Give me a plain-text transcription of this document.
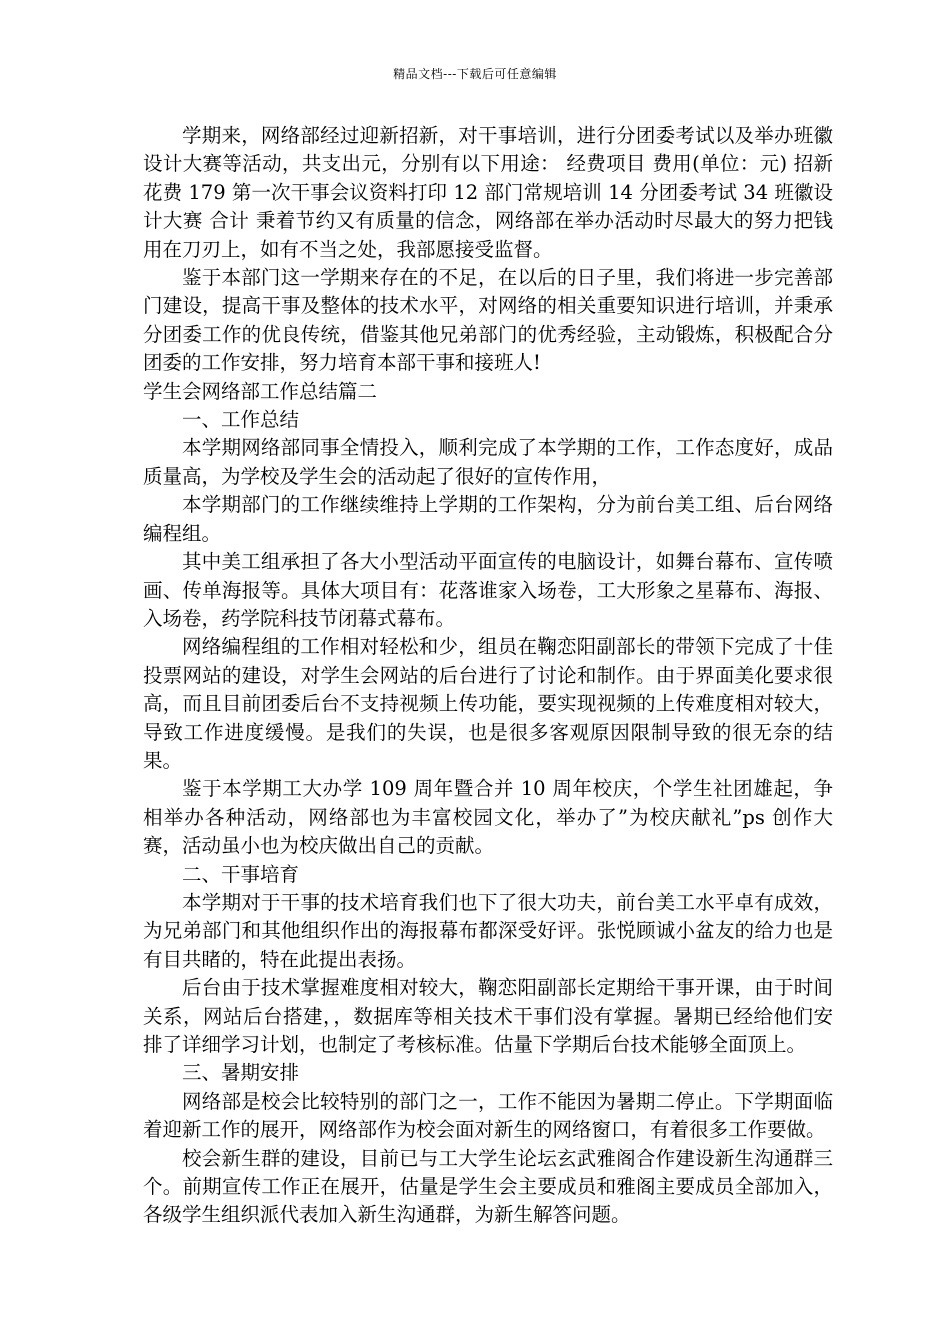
精品文档---下载后可任意编辑

学期来，网络部经过迎新招新，对干事培训，进行分团委考试以及举办班徽设计大赛等活动，共支出元，分别有以下用途： 经费项目 费用(单位：元) 招新花费 179 第一次干事会议资料打印 12 部门常规培训 14 分团委考试 34 班徽设计大赛 合计 秉着节约又有质量的信念，网络部在举办活动时尽最大的努力把钱用在刀刃上，如有不当之处，我部愿接受监督。

鉴于本部门这一学期来存在的不足，在以后的日子里，我们将进一步完善部门建设，提高干事及整体的技术水平，对网络的相关重要知识进行培训，并秉承分团委工作的优良传统，借鉴其他兄弟部门的优秀经验，主动锻炼，积极配合分团委的工作安排，努力培育本部干事和接班人!

学生会网络部工作总结篇二

一、工作总结

本学期网络部同事全情投入，顺利完成了本学期的工作，工作态度好，成品质量高，为学校及学生会的活动起了很好的宣传作用，

本学期部门的工作继续维持上学期的工作架构，分为前台美工组、后台网络编程组。

其中美工组承担了各大小型活动平面宣传的电脑设计，如舞台幕布、宣传喷画、传单海报等。具体大项目有：花落谁家入场卷，工大形象之星幕布、海报、入场卷，药学院科技节闭幕式幕布。

网络编程组的工作相对轻松和少，组员在鞠恋阳副部长的带领下完成了十佳投票网站的建设，对学生会网站的后台进行了讨论和制作。由于界面美化要求很高，而且目前团委后台不支持视频上传功能，要实现视频的上传难度相对较大，导致工作进度缓慢。是我们的失误，也是很多客观原因限制导致的很无奈的结果。

鉴于本学期工大办学 109 周年暨合并 10 周年校庆，个学生社团雄起，争相举办各种活动，网络部也为丰富校园文化，举办了”为校庆献礼”ps 创作大赛，活动虽小也为校庆做出自己的贡献。

二、干事培育

本学期对于干事的技术培育我们也下了很大功夫，前台美工水平卓有成效，为兄弟部门和其他组织作出的海报幕布都深受好评。张悦顾诚小盆友的给力也是有目共睹的，特在此提出表扬。

后台由于技术掌握难度相对较大，鞠恋阳副部长定期给干事开课，由于时间关系，网站后台搭建，，数据库等相关技术干事们没有掌握。暑期已经给他们安排了详细学习计划，也制定了考核标准。估量下学期后台技术能够全面顶上。

三、暑期安排

网络部是校会比较特别的部门之一，工作不能因为暑期二停止。下学期面临着迎新工作的展开，网络部作为校会面对新生的网络窗口，有着很多工作要做。

校会新生群的建设，目前已与工大学生论坛玄武雅阁合作建设新生沟通群三个。前期宣传工作正在展开，估量是学生会主要成员和雅阁主要成员全部加入，各级学生组织派代表加入新生沟通群，为新生解答问题。
